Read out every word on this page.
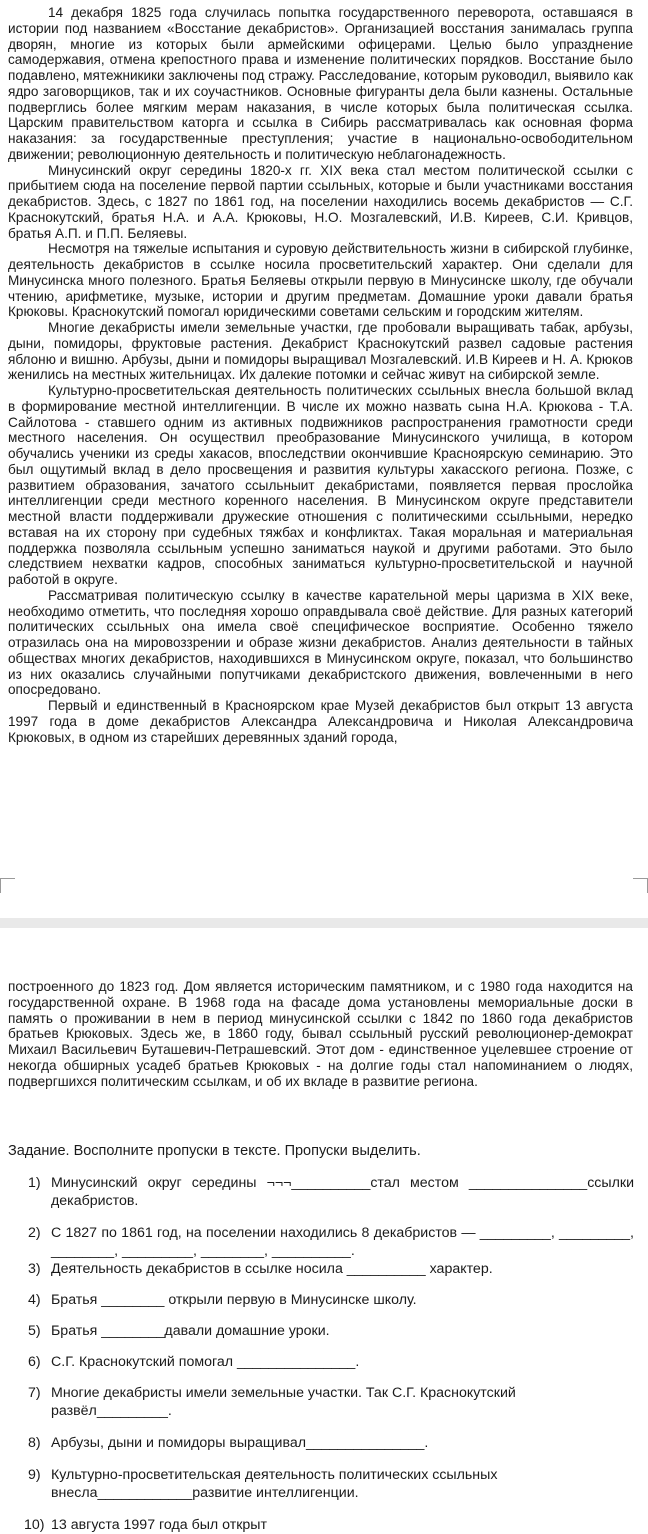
14 декабря 1825 года случилась попытка государственного переворота, оставшаяся в истории под названием «Восстание декабристов». Организацией восстания занималась группа дворян, многие из которых были армейскими офицерами. Целью было упразднение самодержавия, отмена крепостного права и изменение политических порядков. Восстание было подавлено, мятежникики заключены под стражу. Расследование, которым руководил, выявило как ядро заговорщиков, так и их соучастников. Основные фигуранты дела были казнены. Остальные подверглись более мягким мерам наказания, в числе которых была политическая ссылка. Царским правительством каторга и ссылка в Сибирь рассматривалась как основная форма наказания: за государственные преступления; участие в национально-освободительном движении; революционную деятельность и политическую неблагонадежность.

Минусинский округ середины 1820-х гг. XIX века стал местом политической ссылки с прибытием сюда на поселение первой партии ссыльных, которые и были участниками восстания декабристов. Здесь, с 1827 по 1861 год, на поселении находились восемь декабристов — С.Г. Краснокутский, братья Н.А. и А.А. Крюковы, Н.О. Мозгалевский, И.В. Киреев, С.И. Кривцов, братья А.П. и П.П. Беляевы.

Несмотря на тяжелые испытания и суровую действительность жизни в сибирской глубинке, деятельность декабристов в ссылке носила просветительский характер. Они сделали для Минусинска много полезного. Братья Беляевы открыли первую в Минусинске школу, где обучали чтению, арифметике, музыке, истории и другим предметам. Домашние уроки давали братья Крюковы. Краснокутский помогал юридическими советами сельским и городским жителям.

Многие декабристы имели земельные участки, где пробовали выращивать табак, арбузы, дыни, помидоры, фруктовые растения. Декабрист Краснокутский развел садовые растения яблоню и вишню. Арбузы, дыни и помидоры выращивал Мозгалевский. И.В Киреев и Н. А. Крюков женились на местных жительницах. Их далекие потомки и сейчас живут на сибирской земле.

Культурно-просветительская деятельность политических ссыльных внесла большой вклад в формирование местной интеллигенции. В числе их можно назвать сына Н.А. Крюкова - Т.А. Сайлотова - ставшего одним из активных подвижников распространения грамотности среди местного населения. Он осуществил преобразование Минусинского училища, в котором обучались ученики из среды хакасов, впоследствии окончившие Красноярскую семинарию. Это был ощутимый вклад в дело просвещения и развития культуры хакасского региона. Позже, с развитием образования, зачатого ссыльныит декабристами, появляется первая прослойка интеллигенции среди местного коренного населения. В Минусинском округе представители местной власти поддерживали дружеские отношения с политическими ссыльными, нередко вставая на их сторону при судебных тяжбах и конфликтах. Такая моральная и материальная поддержка позволяла ссыльным успешно заниматься наукой и другими работами. Это было следствием нехватки кадров, способных заниматься культурно-просветительской и научной работой в округе.

Рассматривая политическую ссылку в качестве карательной меры царизма в XIX веке, необходимо отметить, что последняя хорошо оправдывала своё действие. Для разных категорий политических ссыльных она имела своё специфическое восприятие. Особенно тяжело отразилась она на мировоззрении и образе жизни декабристов. Анализ деятельности в тайных обществах многих декабристов, находившихся в Минусинском округе, показал, что большинство из них оказались случайными попутчиками декабристского движения, вовлеченными в него опосредовано.

Первый и единственный в Красноярском крае Музей декабристов был открыт 13 августа 1997 года в доме декабристов Александра Александровича и Николая Александровича Крюковых, в одном из старейших деревянных зданий города,

построенного до 1823 год. Дом является историческим памятником, и с 1980 года находится на государственной охране. В 1968 года на фасаде дома установлены мемориальные доски в память о проживании в нем в период минусинской ссылки с 1842 по 1860 года декабристов братьев Крюковых. Здесь же, в 1860 году, бывал ссыльный русский революционер-демократ Михаил Васильевич Буташевич-Петрашевский. Этот дом - единственное уцелевшее строение от некогда обширных усадеб братьев Крюковых - на долгие годы стал напоминанием о людях, подвергшихся политическим ссылкам, и об их вкладе в развитие региона.

Задание. Восполните пропуски в тексте. Пропуски выделить.
1) Минусинский округ середины ¬¬¬__________стал местом _______________ссылки декабристов.
2) С 1827 по 1861 год, на поселении находились 8 декабристов — _________, _________, ________, _________, ________, __________.
3) Деятельность декабристов в ссылке носила __________ характер.
4) Братья ________ открыли первую в Минусинске школу.
5) Братья ________давали домашние уроки.
6) С.Г. Краснокутский помогал _______________.
7) Многие декабристы имели земельные участки. Так С.Г. Краснокутский развёл_________.
8) Арбузы, дыни и помидоры выращивал_______________.
9) Культурно-просветительская деятельность политических ссыльных внесла____________развитие интеллигенции.
10) 13 августа 1997 года был открыт
